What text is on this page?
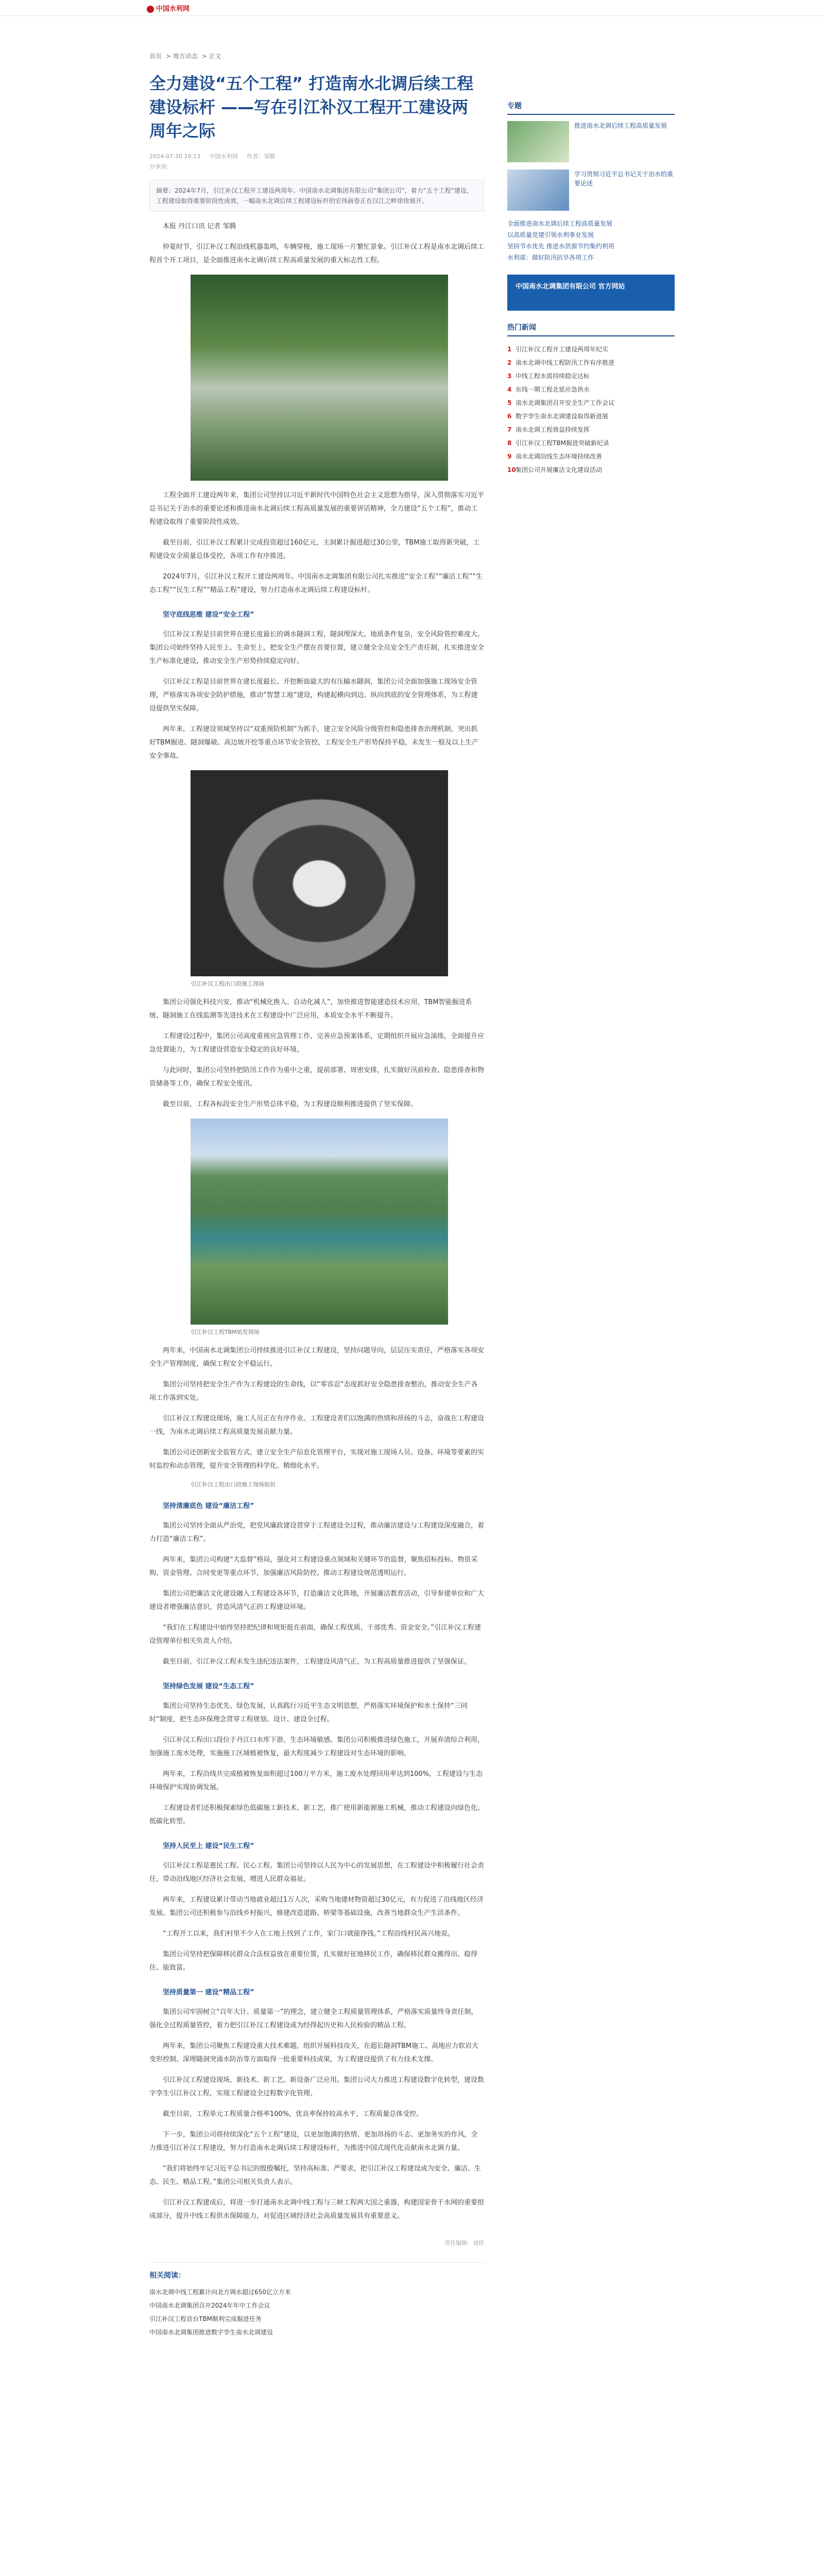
中国水利网
首页 > 地方动态 > 正文
全力建设“五个工程” 打造南水北调后续工程建设标杆 ——写在引江补汉工程开工建设两周年之际
2024-07-30 10:13 中国水利网 作者：邹腾
分享到：
摘要：2024年7月，引江补汉工程开工建设两周年。中国南水北调集团有限公司“集团公司”，着力“五个工程”建设，工程建设取得重要阶段性成效，一幅南水北调后续工程建设标杆的宏伟画卷正在汉江之畔徐徐展开。

本报 丹江口讯 记者 邹腾

仲夏时节，引江补汉工程沿线机器轰鸣，车辆穿梭，施工现场一片繁忙景象。引江补汉工程是南水北调后续工程首个开工项目，是全面推进南水北调后续工程高质量发展的重大标志性工程。

工程全面开工建设两年来，集团公司坚持以习近平新时代中国特色社会主义思想为指导，深入贯彻落实习近平总书记关于治水的重要论述和推进南水北调后续工程高质量发展的重要讲话精神，全力建设“五个工程”，推动工程建设取得了重要阶段性成效。

截至目前，引江补汉工程累计完成投资超过160亿元，主洞累计掘进超过30公里，TBM施工取得新突破，工程建设安全质量总体受控，各项工作有序推进。

2024年7月，引江补汉工程开工建设两周年。中国南水北调集团有限公司扎实推进“安全工程”“廉洁工程”“生态工程”“民生工程”“精品工程”建设，努力打造南水北调后续工程建设标杆。

坚守底线思维 建设“安全工程”

引江补汉工程是目前世界在建长度最长的调水隧洞工程，隧洞埋深大、地质条件复杂，安全风险管控难度大。集团公司始终坚持人民至上、生命至上，把安全生产摆在首要位置，建立健全全员安全生产责任制，扎实推进安全生产标准化建设，推动安全生产形势持续稳定向好。

引江补汉工程是目前世界在建长度最长、开挖断面最大的有压输水隧洞，集团公司全面加强施工现场安全管理，严格落实各项安全防护措施，推动“智慧工地”建设，构建起横向到边、纵向到底的安全管理体系，为工程建设提供坚实保障。

两年来，工程建设领域坚持以“双重预防机制”为抓手，建立安全风险分级管控和隐患排查治理机制，突出抓好TBM掘进、隧洞爆破、高边坡开挖等重点环节安全管控，工程安全生产形势保持平稳，未发生一般及以上生产安全事故。

引江补汉工程出口段施工现场

集团公司强化科技兴安，推动“机械化换人、自动化减人”，加快推进智能建造技术应用，TBM智能掘进系统、隧洞施工在线监测等先进技术在工程建设中广泛应用，本质安全水平不断提升。

工程建设过程中，集团公司高度重视应急管理工作，完善应急预案体系，定期组织开展应急演练，全面提升应急处置能力，为工程建设营造安全稳定的良好环境。

与此同时，集团公司坚持把防汛工作作为重中之重，提前部署、周密安排，扎实做好汛前检查、隐患排查和物资储备等工作，确保工程安全度汛。

截至目前，工程各标段安全生产形势总体平稳，为工程建设顺利推进提供了坚实保障。

引江补汉工程TBM始发现场

两年来，中国南水北调集团公司持续推进引江补汉工程建设，坚持问题导向，层层压实责任，严格落实各项安全生产管理制度，确保工程安全平稳运行。

集团公司坚持把安全生产作为工程建设的生命线，以“零容忍”态度抓好安全隐患排查整治，推动安全生产各项工作落到实处。

引江补汉工程建设现场，施工人员正在有序作业。工程建设者们以饱满的热情和昂扬的斗志，奋战在工程建设一线，为南水北调后续工程高质量发展贡献力量。

集团公司还创新安全监管方式，建立安全生产信息化管理平台，实现对施工现场人员、设备、环境等要素的实时监控和动态管理，提升安全管理的科学化、精细化水平。

引江补汉工程出口段施工现场航拍
坚持清廉底色 建设“廉洁工程”

集团公司坚持全面从严治党，把党风廉政建设贯穿于工程建设全过程，推动廉洁建设与工程建设深度融合，着力打造“廉洁工程”。

两年来，集团公司构建“大监督”格局，强化对工程建设重点领域和关键环节的监督，聚焦招标投标、物资采购、资金管理、合同变更等重点环节，加强廉洁风险防控，推动工程建设规范透明运行。

集团公司把廉洁文化建设融入工程建设各环节，打造廉洁文化阵地，开展廉洁教育活动，引导参建单位和广大建设者增强廉洁意识，营造风清气正的工程建设环境。

“我们在工程建设中始终坚持把纪律和规矩挺在前面，确保工程优质、干部优秀、资金安全。”引江补汉工程建设管理单位相关负责人介绍。

截至目前，引江补汉工程未发生违纪违法案件，工程建设风清气正，为工程高质量推进提供了坚强保证。

坚持绿色发展 建设“生态工程”

集团公司坚持生态优先、绿色发展，认真践行习近平生态文明思想，严格落实环境保护和水土保持“三同时”制度，把生态环保理念贯穿工程规划、设计、建设全过程。

引江补汉工程出口段位于丹江口水库下游，生态环境敏感。集团公司积极推进绿色施工，开展弃渣综合利用，加强施工废水处理，实施施工区域植被恢复，最大程度减少工程建设对生态环境的影响。

两年来，工程沿线共完成植被恢复面积超过100万平方米，施工废水处理回用率达到100%，工程建设与生态环境保护实现协调发展。

工程建设者们还积极探索绿色低碳施工新技术、新工艺，推广使用新能源施工机械，推动工程建设向绿色化、低碳化转型。

坚持人民至上 建设“民生工程”

引江补汉工程是惠民工程、民心工程。集团公司坚持以人民为中心的发展思想，在工程建设中积极履行社会责任，带动沿线地区经济社会发展，增进人民群众福祉。

两年来，工程建设累计带动当地就业超过1万人次，采购当地建材物资超过30亿元，有力促进了沿线地区经济发展。集团公司还积极参与沿线乡村振兴，修建改造道路、桥梁等基础设施，改善当地群众生产生活条件。

“工程开工以来，我们村里不少人在工地上找到了工作，家门口就能挣钱。”工程沿线村民高兴地说。

集团公司坚持把保障移民群众合法权益放在重要位置，扎实做好征地移民工作，确保移民群众搬得出、稳得住、能致富。

坚持质量第一 建设“精品工程”

集团公司牢固树立“百年大计、质量第一”的理念，建立健全工程质量管理体系，严格落实质量终身责任制，强化全过程质量管控，着力把引江补汉工程建设成为经得起历史和人民检验的精品工程。

两年来，集团公司聚焦工程建设重大技术难题，组织开展科技攻关，在超长隧洞TBM施工、高地应力软岩大变形控制、深埋隧洞突涌水防治等方面取得一批重要科技成果，为工程建设提供了有力技术支撑。

引江补汉工程建设现场，新技术、新工艺、新设备广泛应用。集团公司大力推进工程建设数字化转型，建设数字孪生引江补汉工程，实现工程建设全过程数字化管理。

截至目前，工程单元工程质量合格率100%，优良率保持较高水平，工程质量总体受控。

下一步，集团公司将持续深化“五个工程”建设，以更加饱满的热情、更加昂扬的斗志、更加务实的作风，全力推进引江补汉工程建设，努力打造南水北调后续工程建设标杆，为推进中国式现代化贡献南水北调力量。

“我们将始终牢记习近平总书记的殷殷嘱托，坚持高标准、严要求，把引江补汉工程建设成为安全、廉洁、生态、民生、精品工程。”集团公司相关负责人表示。

引江补汉工程建成后，将进一步打通南水北调中线工程与三峡工程两大国之重器，构建国家骨干水网的重要组成部分，提升中线工程供水保障能力，对促进区域经济社会高质量发展具有重要意义。

责任编辑：刘佳
相关阅读：
南水北调中线工程累计向北方调水超过650亿立方米
中国南水北调集团召开2024年年中工作会议
引江补汉工程首台TBM顺利完成掘进任务
中国南水北调集团推进数字孪生南水北调建设
专题
推进南水北调后续工程高质量发展
学习贯彻习近平总书记关于治水的重要论述
全面推进南水北调后续工程高质量发展
以高质量党建引领水利事业发展
坚持节水优先 推进水资源节约集约利用
水利部：做好防汛抗旱各项工作
中国南水北调集团有限公司 官方网站
热门新闻
1 引江补汉工程开工建设两周年纪实
2 南水北调中线工程防汛工作有序推进
3 中线工程水质持续稳定达标
4 东线一期工程北延应急供水
5 南水北调集团召开安全生产工作会议
6 数字孪生南水北调建设取得新进展
7 南水北调工程效益持续发挥
8 引江补汉工程TBM掘进突破新纪录
9 南水北调沿线生态环境持续改善
10集团公司开展廉洁文化建设活动
